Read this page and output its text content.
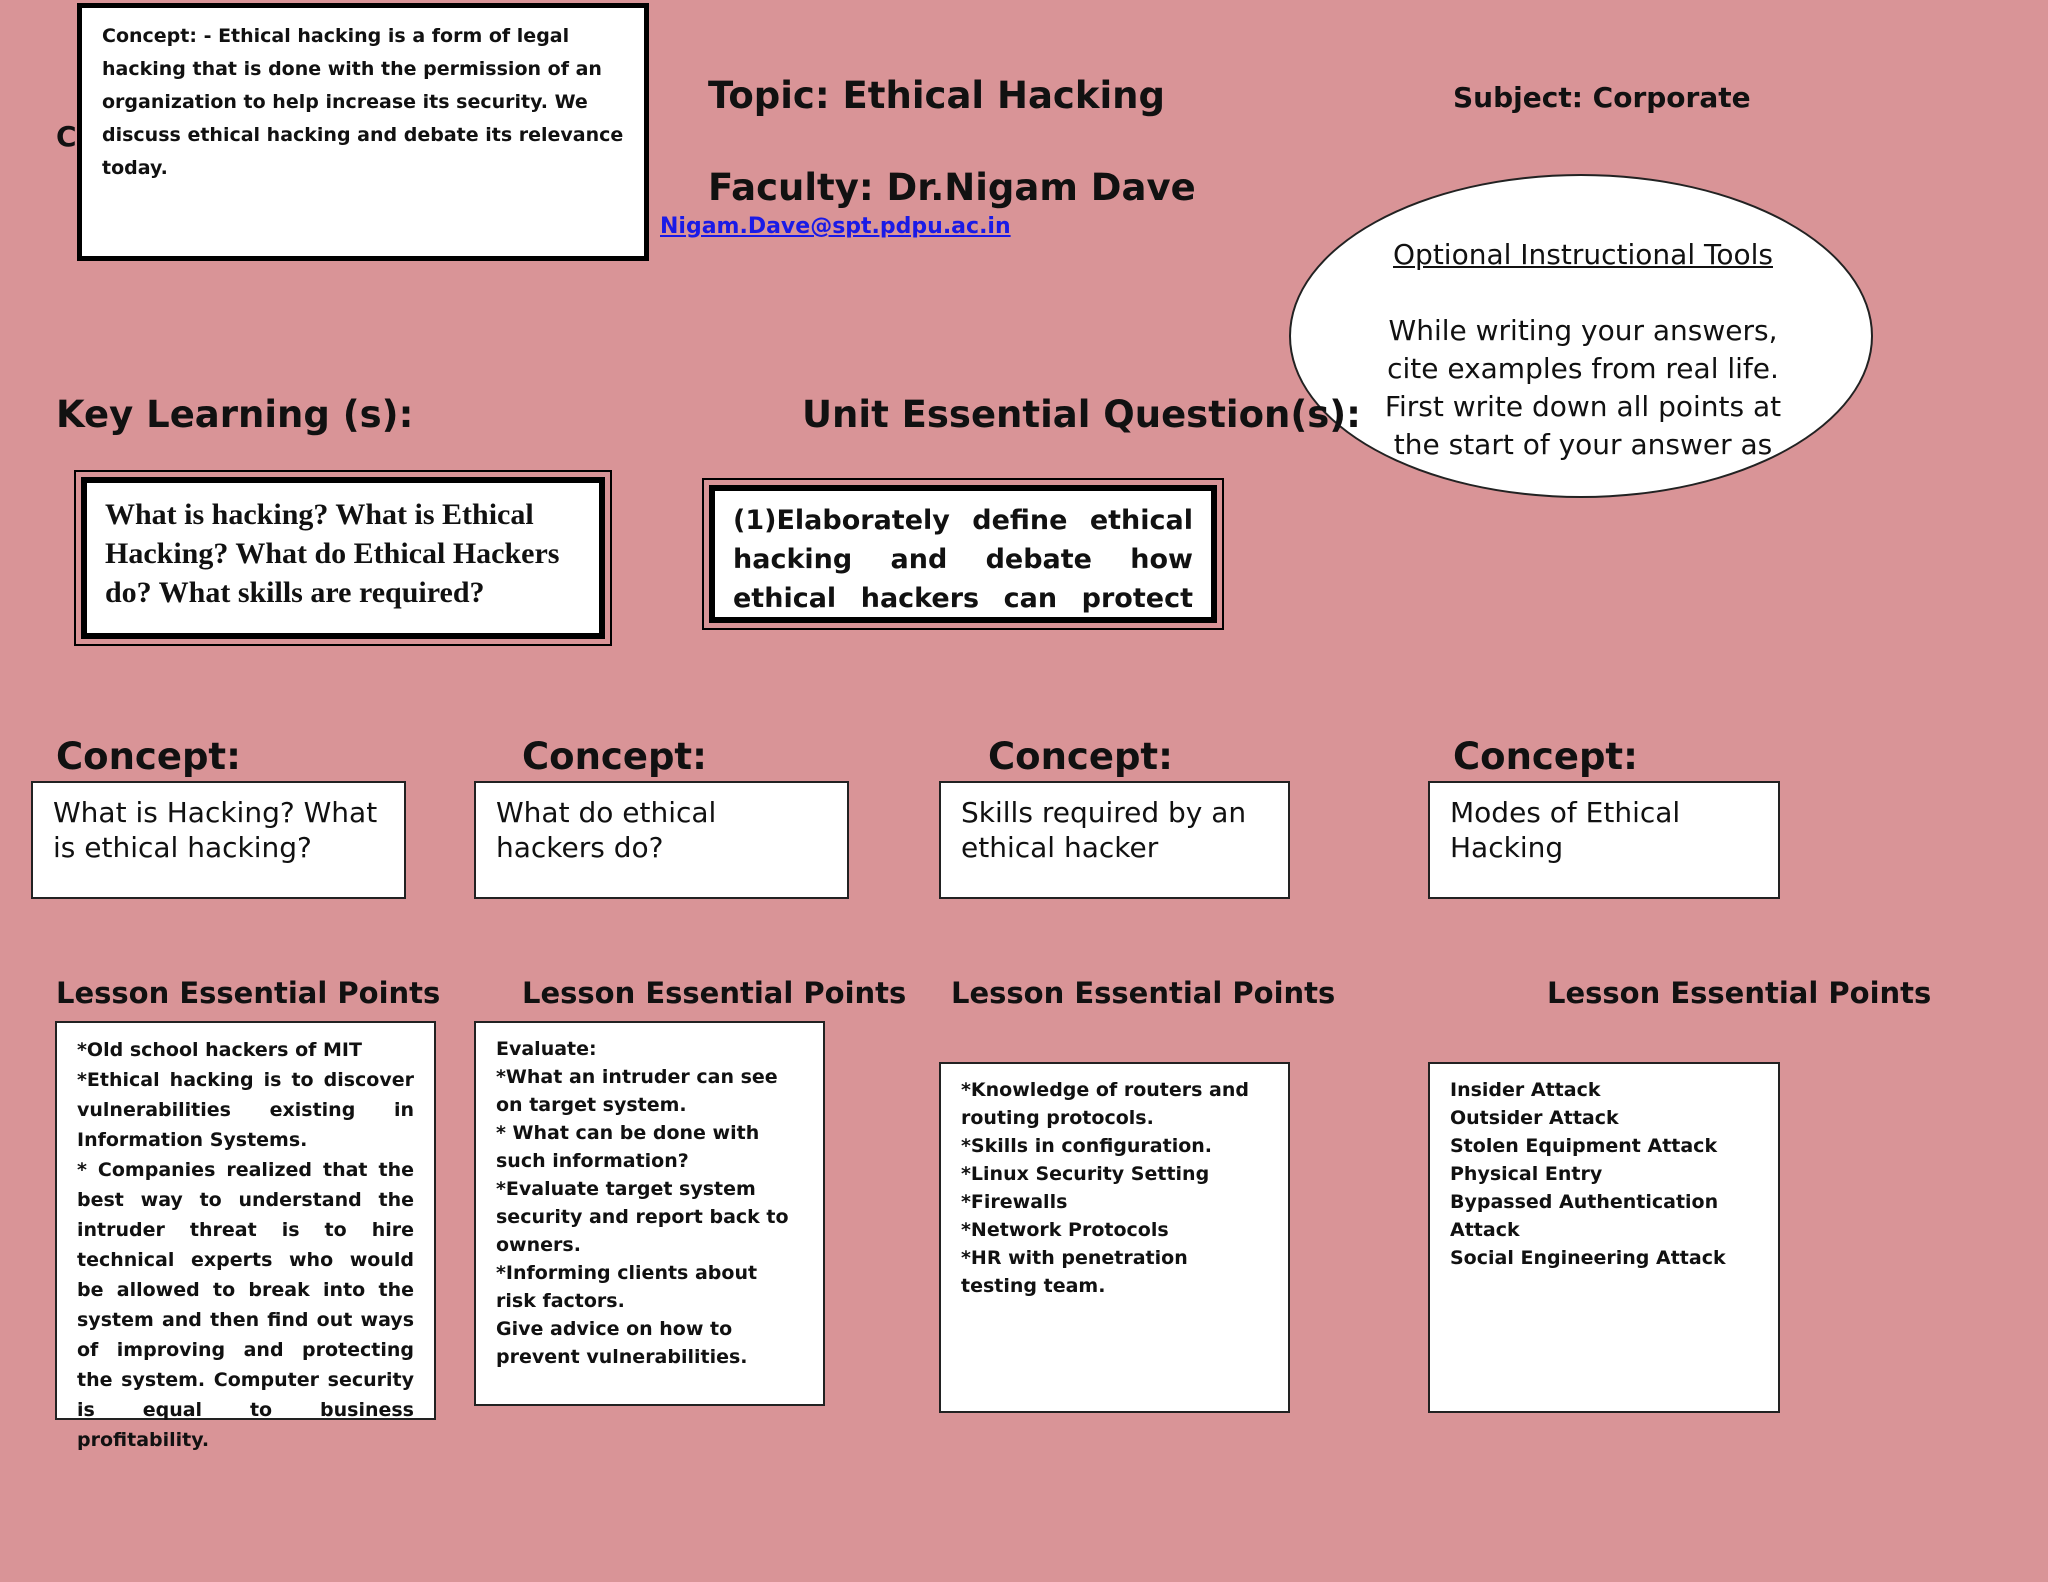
C
Concept: - Ethical hacking is a form of legal hacking that is done with the permission of an organization to help increase its security. We discuss ethical hacking and debate its relevance today.
Topic: Ethical Hacking	Subject: Corporate
Faculty: Dr.Nigam Dave
Nigam.Dave@spt.pdpu.ac.in
Optional Instructional Tools
While writing your answers, cite examples from real life. First write down all points at the start of your answer as
Key Learning (s):	Unit Essential Question(s):
What is hacking? What is Ethical Hacking? What do Ethical Hackers do? What skills are required?
(1)Elaborately define ethical hacking and debate how ethical hackers can protect
Concept:	Concept:	Concept:	Concept:
What is Hacking? What is ethical hacking?
What do ethical hackers do?
Skills required by an ethical hacker
Modes of Ethical Hacking
Lesson Essential Points	Lesson Essential Points Lesson Essential Points	Lesson Essential Points
*Old school hackers of MIT
*Ethical hacking is to discover vulnerabilities existing in Information Systems.
* Companies realized that the best way to understand the intruder threat is to hire technical experts who would be allowed to break into the system and then find out ways of improving and protecting the system. Computer security is equal to business profitability.
Evaluate:
*What an intruder can see on target system.
* What can be done with such information?
*Evaluate target system security and report back to owners.
*Informing clients about risk factors.
Give advice on how to prevent vulnerabilities.
*Knowledge of routers and routing protocols.
*Skills in configuration.
*Linux Security Setting
*Firewalls
*Network Protocols
*HR with penetration testing team.
Insider Attack
Outsider Attack
Stolen Equipment Attack
Physical Entry
Bypassed Authentication Attack
Social Engineering Attack
